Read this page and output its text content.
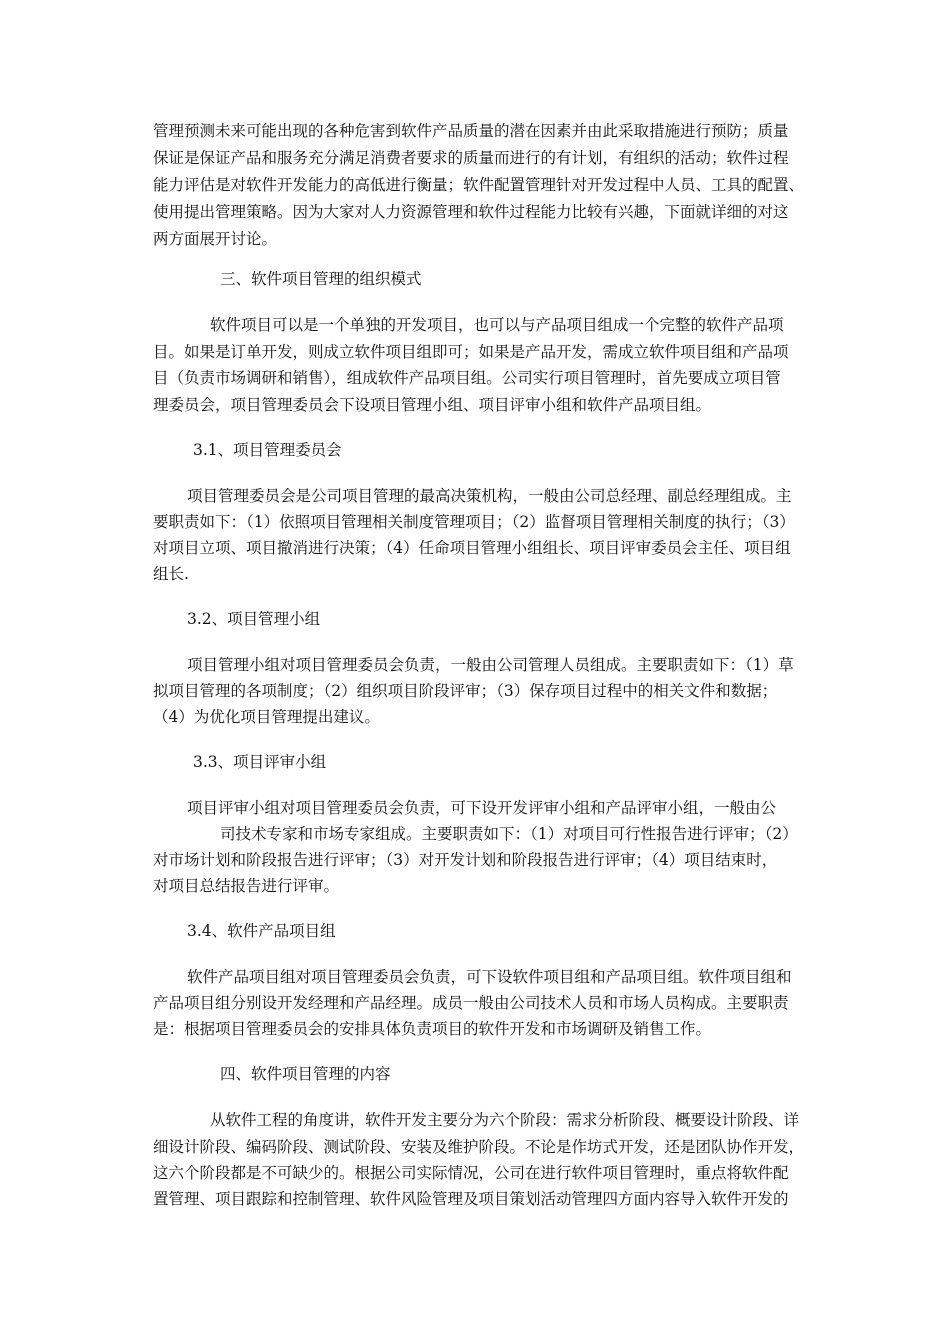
管理预测未来可能出现的各种危害到软件产品质量的潜在因素并由此采取措施进行预防；质量
保证是保证产品和服务充分满足消费者要求的质量而进行的有计划，有组织的活动；软件过程
能力评估是对软件开发能力的高低进行衡量；软件配置管理针对开发过程中人员、工具的配置、
使用提出管理策略。因为大家对人力资源管理和软件过程能力比较有兴趣，下面就详细的对这
两方面展开讨论。
三、软件项目管理的组织模式
软件项目可以是一个单独的开发项目，也可以与产品项目组成一个完整的软件产品项
目。如果是订单开发，则成立软件项目组即可；如果是产品开发，需成立软件项目组和产品项
目（负责市场调研和销售），组成软件产品项目组。公司实行项目管理时，首先要成立项目管
理委员会，项目管理委员会下设项目管理小组、项目评审小组和软件产品项目组。
3.1、项目管理委员会
项目管理委员会是公司项目管理的最高决策机构，一般由公司总经理、副总经理组成。主
要职责如下：（1）依照项目管理相关制度管理项目；（2）监督项目管理相关制度的执行；（3）
对项目立项、项目撤消进行决策；（4）任命项目管理小组组长、项目评审委员会主任、项目组
组长.
3.2、项目管理小组
项目管理小组对项目管理委员会负责，一般由公司管理人员组成。主要职责如下：（1）草
拟项目管理的各项制度；（2）组织项目阶段评审；（3）保存项目过程中的相关文件和数据；
（4）为优化项目管理提出建议。
3.3、项目评审小组
项目评审小组对项目管理委员会负责，可下设开发评审小组和产品评审小组，一般由公
司技术专家和市场专家组成。主要职责如下：（1）对项目可行性报告进行评审；（2）
对市场计划和阶段报告进行评审；（3）对开发计划和阶段报告进行评审；（4）项目结束时，
对项目总结报告进行评审。
3.4、软件产品项目组
软件产品项目组对项目管理委员会负责，可下设软件项目组和产品项目组。软件项目组和
产品项目组分别设开发经理和产品经理。成员一般由公司技术人员和市场人员构成。主要职责
是：根据项目管理委员会的安排具体负责项目的软件开发和市场调研及销售工作。
四、软件项目管理的内容
从软件工程的角度讲，软件开发主要分为六个阶段：需求分析阶段、概要设计阶段、详
细设计阶段、编码阶段、测试阶段、安装及维护阶段。不论是作坊式开发，还是团队协作开发，
这六个阶段都是不可缺少的。根据公司实际情况，公司在进行软件项目管理时，重点将软件配
置管理、项目跟踪和控制管理、软件风险管理及项目策划活动管理四方面内容导入软件开发的
